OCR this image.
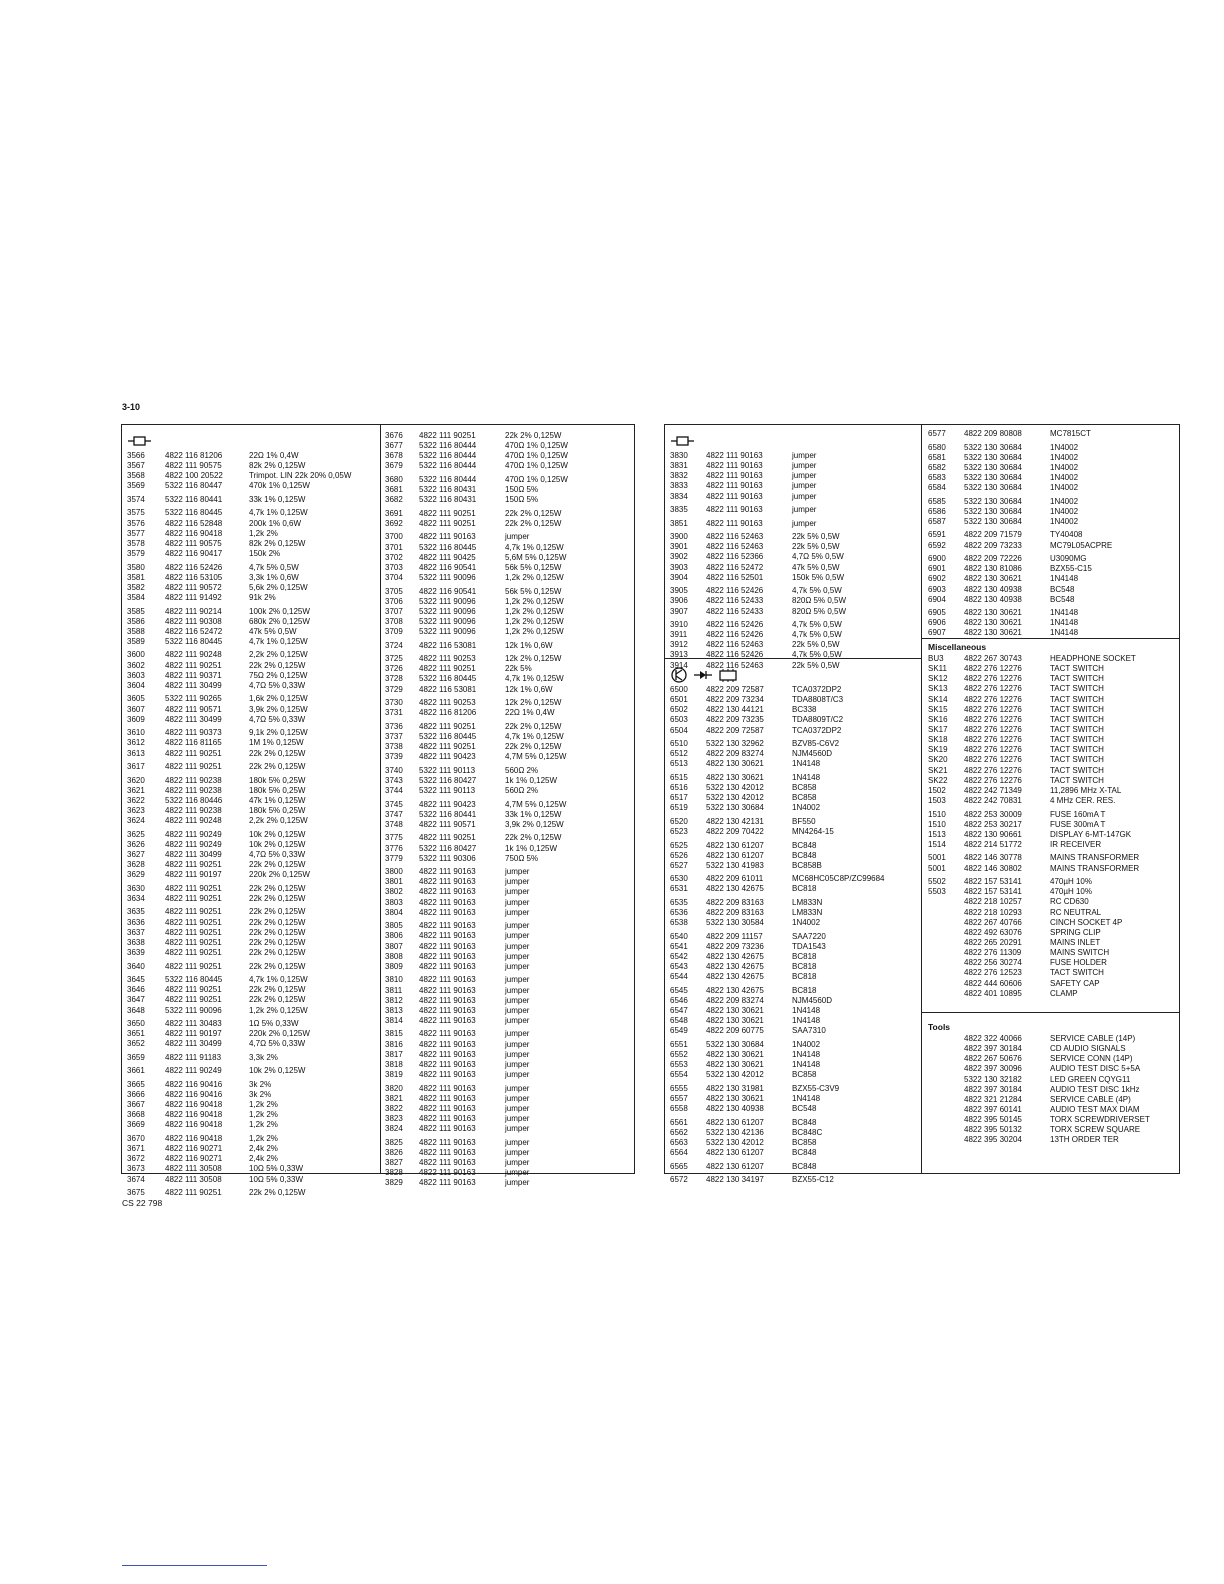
3-10
3566	4822 116 81206	22Ω 1% 0,4W
3567	4822 111 90575	82k 2% 0,125W
3568	4822 100 20522	Trimpot. LIN 22k 20% 0,05W
3569	5322 116 80447	470k 1% 0,125W
3574	5322 116 80441	33k 1% 0,125W
3575	5322 116 80445	4,7k 1% 0,125W
3576	4822 116 52848	200k 1% 0,6W
3577	4822 116 90418	1,2k 2%
3578	4822 111 90575	82k 2% 0,125W
3579	4822 116 90417	150k 2%
3580	4822 116 52426	4,7k 5% 0,5W
3581	4822 116 53105	3,3k 1% 0,6W
3582	4822 111 90572	5,6k 2% 0,125W
3584	4822 111 91492	91k 2%
3585	4822 111 90214	100k 2% 0,125W
3586	4822 111 90308	680k 2% 0,125W
3588	4822 116 52472	47k 5% 0,5W
3589	5322 116 80445	4,7k 1% 0,125W
3600	4822 111 90248	2,2k 2% 0,125W
3602	4822 111 90251	22k 2% 0,125W
3603	4822 111 90371	75Ω 2% 0,125W
3604	4822 111 30499	4,7Ω 5% 0,33W
3605	5322 111 90265	1,6k 2% 0,125W
3607	4822 111 90571	3,9k 2% 0,125W
3609	4822 111 30499	4,7Ω 5% 0,33W
3610	4822 111 90373	9,1k 2% 0,125W
3612	4822 116 81165	1M 1% 0,125W
3613	4822 111 90251	22k 2% 0,125W
3617	4822 111 90251	22k 2% 0,125W
3620	4822 111 90238	180k 5% 0,25W
3621	4822 111 90238	180k 5% 0,25W
3622	5322 116 80446	47k 1% 0,125W
3623	4822 111 90238	180k 5% 0,25W
3624	4822 111 90248	2,2k 2% 0,125W
3625	4822 111 90249	10k 2% 0,125W
3626	4822 111 90249	10k 2% 0,125W
3627	4822 111 30499	4,7Ω 5% 0,33W
3628	4822 111 90251	22k 2% 0,125W
3629	4822 111 90197	220k 2% 0,125W
3630	4822 111 90251	22k 2% 0,125W
3634	4822 111 90251	22k 2% 0,125W
3635	4822 111 90251	22k 2% 0,125W
3636	4822 111 90251	22k 2% 0,125W
3637	4822 111 90251	22k 2% 0,125W
3638	4822 111 90251	22k 2% 0,125W
3639	4822 111 90251	22k 2% 0,125W
3640	4822 111 90251	22k 2% 0,125W
3645	5322 116 80445	4,7k 1% 0,125W
3646	4822 111 90251	22k 2% 0,125W
3647	4822 111 90251	22k 2% 0,125W
3648	5322 111 90096	1,2k 2% 0,125W
3650	4822 111 30483	1Ω 5% 0,33W
3651	4822 111 90197	220k 2% 0,125W
3652	4822 111 30499	4,7Ω 5% 0,33W
3659	4822 111 91183	3,3k 2%
3661	4822 111 90249	10k 2% 0,125W
3665	4822 116 90416	3k 2%
3666	4822 116 90416	3k 2%
3667	4822 116 90418	1,2k 2%
3668	4822 116 90418	1,2k 2%
3669	4822 116 90418	1,2k 2%
3670	4822 116 90418	1,2k 2%
3671	4822 116 90271	2,4k 2%
3672	4822 116 90271	2,4k 2%
3673	4822 111 30508	10Ω 5% 0,33W
3674	4822 111 30508	10Ω 5% 0,33W
3675	4822 111 90251	22k 2% 0,125W
3676	4822 111 90251	22k 2% 0,125W
3677	5322 116 80444	470Ω 1% 0,125W
3678	5322 116 80444	470Ω 1% 0,125W
3679	5322 116 80444	470Ω 1% 0,125W
3680	5322 116 80444	470Ω 1% 0,125W
3681	5322 116 80431	150Ω 5%
3682	5322 116 80431	150Ω 5%
3691	4822 111 90251	22k 2% 0,125W
3692	4822 111 90251	22k 2% 0,125W
3700	4822 111 90163	jumper
3701	5322 116 80445	4,7k 1% 0,125W
3702	4822 111 90425	5,6M 5% 0,125W
3703	4822 116 90541	56k 5% 0,125W
3704	5322 111 90096	1,2k 2% 0,125W
3705	4822 116 90541	56k 5% 0,125W
3706	5322 111 90096	1,2k 2% 0,125W
3707	5322 111 90096	1,2k 2% 0,125W
3708	5322 111 90096	1,2k 2% 0,125W
3709	5322 111 90096	1,2k 2% 0,125W
3724	4822 116 53081	12k 1% 0,6W
3725	4822 111 90253	12k 2% 0,125W
3726	4822 111 90251	22k 5%
3728	5322 116 80445	4,7k 1% 0,125W
3729	4822 116 53081	12k 1% 0,6W
3730	4822 111 90253	12k 2% 0,125W
3731	4822 116 81206	22Ω 1% 0,4W
3736	4822 111 90251	22k 2% 0,125W
3737	5322 116 80445	4,7k 1% 0,125W
3738	4822 111 90251	22k 2% 0,125W
3739	4822 111 90423	4,7M 5% 0,125W
3740	5322 111 90113	560Ω 2%
3743	5322 116 80427	1k 1% 0,125W
3744	5322 111 90113	560Ω 2%
3745	4822 111 90423	4,7M 5% 0,125W
3747	5322 116 80441	33k 1% 0,125W
3748	4822 111 90571	3,9k 2% 0,125W
3775	4822 111 90251	22k 2% 0,125W
3776	5322 116 80427	1k 1% 0,125W
3779	5322 111 90306	750Ω 5%
3800	4822 111 90163	jumper
3801	4822 111 90163	jumper
3802	4822 111 90163	jumper
3803	4822 111 90163	jumper
3804	4822 111 90163	jumper
3805	4822 111 90163	jumper
3806	4822 111 90163	jumper
3807	4822 111 90163	jumper
3808	4822 111 90163	jumper
3809	4822 111 90163	jumper
3810	4822 111 90163	jumper
3811	4822 111 90163	jumper
3812	4822 111 90163	jumper
3813	4822 111 90163	jumper
3814	4822 111 90163	jumper
3815	4822 111 90163	jumper
3816	4822 111 90163	jumper
3817	4822 111 90163	jumper
3818	4822 111 90163	jumper
3819	4822 111 90163	jumper
3820	4822 111 90163	jumper
3821	4822 111 90163	jumper
3822	4822 111 90163	jumper
3823	4822 111 90163	jumper
3824	4822 111 90163	jumper
3825	4822 111 90163	jumper
3826	4822 111 90163	jumper
3827	4822 111 90163	jumper
3828	4822 111 90163	jumper
3829	4822 111 90163	jumper
3830	4822 111 90163	jumper
3831	4822 111 90163	jumper
3832	4822 111 90163	jumper
3833	4822 111 90163	jumper
3834	4822 111 90163	jumper
3835	4822 111 90163	jumper
3851	4822 111 90163	jumper
3900	4822 116 52463	22k 5% 0,5W
3901	4822 116 52463	22k 5% 0,5W
3902	4822 116 52366	4,7Ω 5% 0,5W
3903	4822 116 52472	47k 5% 0,5W
3904	4822 116 52501	150k 5% 0,5W
3905	4822 116 52426	4,7k 5% 0,5W
3906	4822 116 52433	820Ω 5% 0,5W
3907	4822 116 52433	820Ω 5% 0,5W
3910	4822 116 52426	4,7k 5% 0,5W
3911	4822 116 52426	4,7k 5% 0,5W
3912	4822 116 52463	22k 5% 0,5W
3913	4822 116 52426	4,7k 5% 0,5W
3914	4822 116 52463	22k 5% 0,5W
6500	4822 209 72587	TCA0372DP2
6501	4822 209 73234	TDA8808T/C3
6502	4822 130 44121	BC338
6503	4822 209 73235	TDA8809T/C2
6504	4822 209 72587	TCA0372DP2
6510	5322 130 32962	BZV85-C6V2
6512	4822 209 83274	NJM4560D
6513	4822 130 30621	1N4148
6515	4822 130 30621	1N4148
6516	5322 130 42012	BC858
6517	5322 130 42012	BC858
6519	5322 130 30684	1N4002
6520	4822 130 42131	BF550
6523	4822 209 70422	MN4264-15
6525	4822 130 61207	BC848
6526	4822 130 61207	BC848
6527	5322 130 41983	BC858B
6530	4822 209 61011	MC68HC05C8P/ZC99684
6531	4822 130 42675	BC818
6535	4822 209 83163	LM833N
6536	4822 209 83163	LM833N
6538	5322 130 30584	1N4002
6540	4822 209 11157	SAA7220
6541	4822 209 73236	TDA1543
6542	4822 130 42675	BC818
6543	4822 130 42675	BC818
6544	4822 130 42675	BC818
6545	4822 130 42675	BC818
6546	4822 209 83274	NJM4560D
6547	4822 130 30621	1N4148
6548	4822 130 30621	1N4148
6549	4822 209 60775	SAA7310
6551	5322 130 30684	1N4002
6552	4822 130 30621	1N4148
6553	4822 130 30621	1N4148
6554	5322 130 42012	BC858
6555	4822 130 31981	BZX55-C3V9
6557	4822 130 30621	1N4148
6558	4822 130 40938	BC548
6561	4822 130 61207	BC848
6562	5322 130 42136	BC848C
6563	5322 130 42012	BC858
6564	4822 130 61207	BC848
6565	4822 130 61207	BC848
6572	4822 130 34197	BZX55-C12
6577	4822 209 80808	MC7815CT
6580	5322 130 30684	1N4002
6581	5322 130 30684	1N4002
6582	5322 130 30684	1N4002
6583	5322 130 30684	1N4002
6584	5322 130 30684	1N4002
6585	5322 130 30684	1N4002
6586	5322 130 30684	1N4002
6587	5322 130 30684	1N4002
6591	4822 209 71579	TY40408
6592	4822 209 73233	MC79L05ACPRE
6900	4822 209 72226	U3090MG
6901	4822 130 81086	BZX55-C15
6902	4822 130 30621	1N4148
6903	4822 130 40938	BC548
6904	4822 130 40938	BC548
6905	4822 130 30621	1N4148
6906	4822 130 30621	1N4148
6907	4822 130 30621	1N4148
Miscellaneous
BU3	4822 267 30743	HEADPHONE SOCKET
SK11	4822 276 12276	TACT SWITCH
SK12	4822 276 12276	TACT SWITCH
SK13	4822 276 12276	TACT SWITCH
SK14	4822 276 12276	TACT SWITCH
SK15	4822 276 12276	TACT SWITCH
SK16	4822 276 12276	TACT SWITCH
SK17	4822 276 12276	TACT SWITCH
SK18	4822 276 12276	TACT SWITCH
SK19	4822 276 12276	TACT SWITCH
SK20	4822 276 12276	TACT SWITCH
SK21	4822 276 12276	TACT SWITCH
SK22	4822 276 12276	TACT SWITCH
1502	4822 242 71349	11,2896 MHz X-TAL
1503	4822 242 70831	4 MHz CER. RES.
1510	4822 253 30009	FUSE 160mA T
1510	4822 253 30217	FUSE 300mA T
1513	4822 130 90661	DISPLAY 6-MT-147GK
1514	4822 214 51772	IR RECEIVER
5001	4822 146 30778	MAINS TRANSFORMER
5001	4822 146 30802	MAINS TRANSFORMER
5502	4822 157 53141	470µH 10%
5503	4822 157 53141	470µH 10%
4822 218 10257	RC CD630
4822 218 10293	RC NEUTRAL
4822 267 40766	CINCH SOCKET 4P
4822 492 63076	SPRING CLIP
4822 265 20291	MAINS INLET
4822 276 11309	MAINS SWITCH
4822 256 30274	FUSE HOLDER
4822 276 12523	TACT SWITCH
4822 444 60606	SAFETY CAP
4822 401 10895	CLAMP
Tools
4822 322 40066	SERVICE CABLE (14P)
4822 397 30184	CD AUDIO SIGNALS
4822 267 50676	SERVICE CONN (14P)
4822 397 30096	AUDIO TEST DISC 5+5A
5322 130 32182	LED GREEN CQYG11
4822 397 30184	AUDIO TEST DISC 1kHz
4822 321 21284	SERVICE CABLE (4P)
4822 397 60141	AUDIO TEST MAX DIAM
4822 395 50145	TORX SCREWDRIVERSET
4822 395 50132	TORX SCREW SQUARE
4822 395 30204	13TH ORDER TER
CS 22 798
